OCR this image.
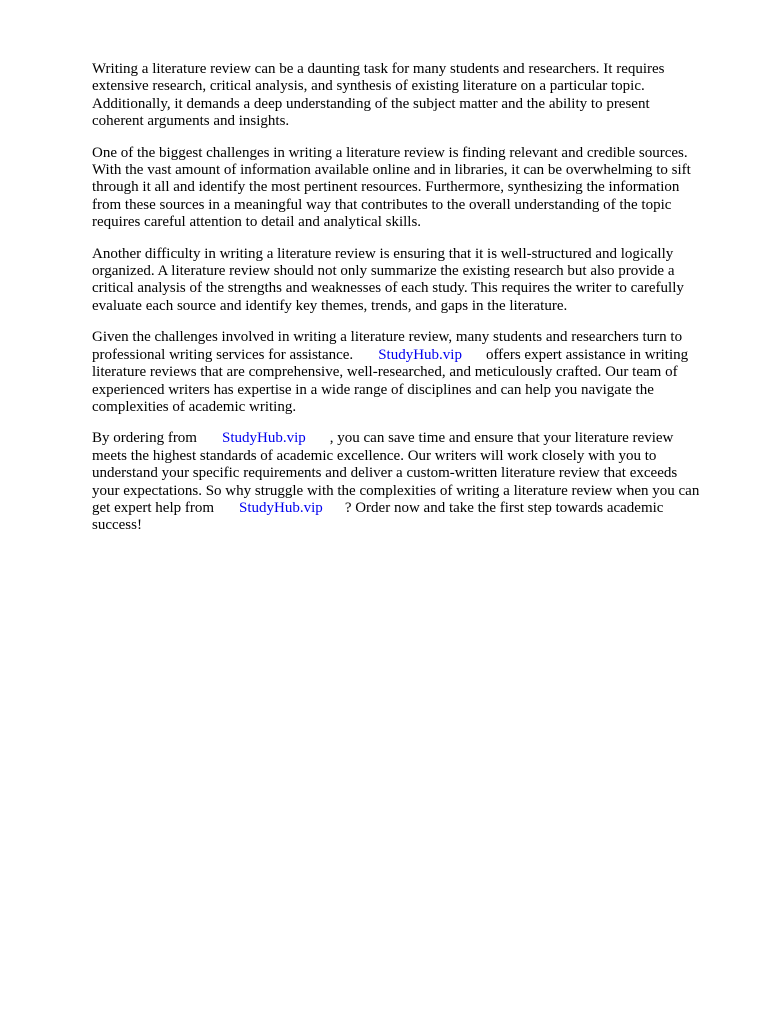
Writing a literature review can be a daunting task for many students and researchers. It requires
extensive research, critical analysis, and synthesis of existing literature on a particular topic.
Additionally, it demands a deep understanding of the subject matter and the ability to present
coherent arguments and insights.

One of the biggest challenges in writing a literature review is finding relevant and credible sources.
With the vast amount of information available online and in libraries, it can be overwhelming to sift
through it all and identify the most pertinent resources. Furthermore, synthesizing the information
from these sources in a meaningful way that contributes to the overall understanding of the topic
requires careful attention to detail and analytical skills.

Another difficulty in writing a literature review is ensuring that it is well-structured and logically
organized. A literature review should not only summarize the existing research but also provide a
critical analysis of the strengths and weaknesses of each study. This requires the writer to carefully
evaluate each source and identify key themes, trends, and gaps in the literature.

Given the challenges involved in writing a literature review, many students and researchers turn to
professional writing services for assistance. StudyHub.vip offers expert assistance in writing
literature reviews that are comprehensive, well-researched, and meticulously crafted. Our team of
experienced writers has expertise in a wide range of disciplines and can help you navigate the
complexities of academic writing.

By ordering from StudyHub.vip , you can save time and ensure that your literature review
meets the highest standards of academic excellence. Our writers will work closely with you to
understand your specific requirements and deliver a custom-written literature review that exceeds
your expectations. So why struggle with the complexities of writing a literature review when you can
get expert help from StudyHub.vip ? Order now and take the first step towards academic
success!
